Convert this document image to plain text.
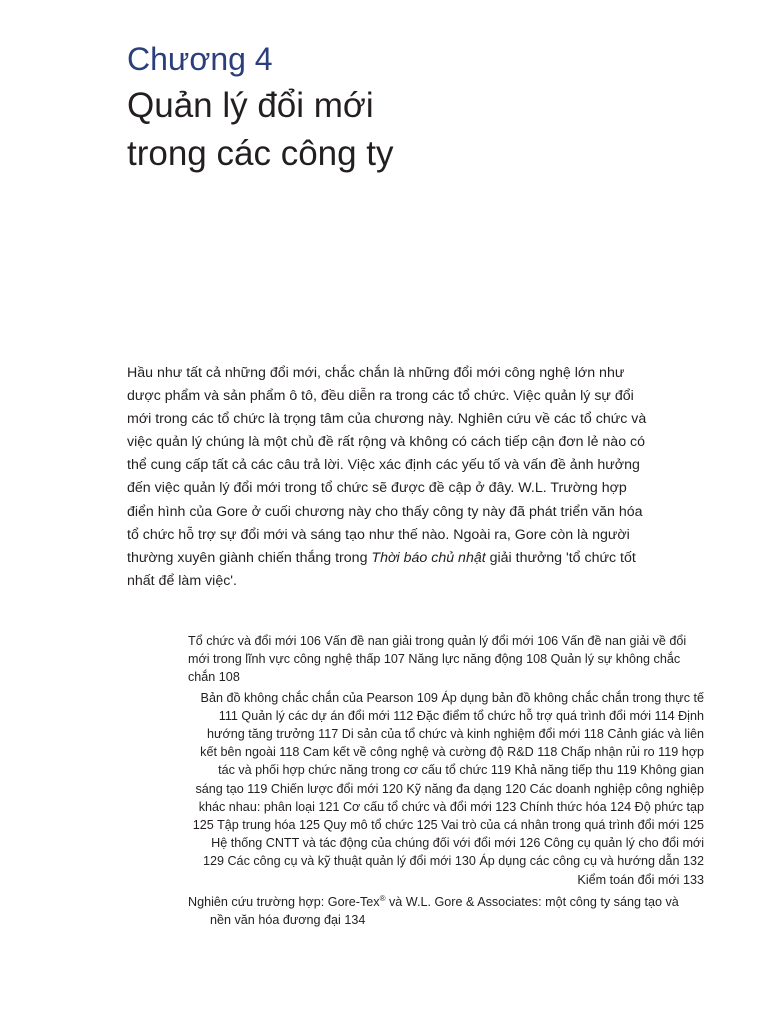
Chương 4
Quản lý đổi mới
trong các công ty

Hầu như tất cả những đổi mới, chắc chắn là những đổi mới công nghệ lớn như dược phẩm và sản phẩm ô tô, đều diễn ra trong các tổ chức. Việc quản lý sự đổi mới trong các tổ chức là trọng tâm của chương này. Nghiên cứu về các tổ chức và việc quản lý chúng là một chủ đề rất rộng và không có cách tiếp cận đơn lẻ nào có thể cung cấp tất cả các câu trả lời. Việc xác định các yếu tố và vấn đề ảnh hưởng đến việc quản lý đổi mới trong tổ chức sẽ được đề cập ở đây. W.L. Trường hợp điển hình của Gore ở cuối chương này cho thấy công ty này đã phát triển văn hóa tổ chức hỗ trợ sự đổi mới và sáng tạo như thế nào. Ngoài ra, Gore còn là người thường xuyên giành chiến thắng trong Thời báo chủ nhật giải thưởng 'tổ chức tốt nhất để làm việc'.

Tổ chức và đổi mới 106 Vấn đề nan giải trong quản lý đổi mới 106 Vấn đề nan giải về đổi mới trong lĩnh vực công nghệ thấp 107 Năng lực năng động 108 Quản lý sự không chắc chắn 108

Bản đồ không chắc chắn của Pearson 109 Áp dụng bản đồ không chắc chắn trong thực tế 111 Quản lý các dự án đổi mới 112 Đặc điểm tổ chức hỗ trợ quá trình đổi mới 114 Định hướng tăng trưởng 117 Di sản của tổ chức và kinh nghiệm đổi mới 118 Cảnh giác và liên kết bên ngoài 118 Cam kết về công nghệ và cường độ R&D 118 Chấp nhận rủi ro 119 hợp tác và phối hợp chức năng trong cơ cấu tổ chức 119 Khả năng tiếp thu 119 Không gian sáng tạo 119 Chiến lược đổi mới 120 Kỹ năng đa dạng 120 Các doanh nghiệp công nghiệp khác nhau: phân loại 121 Cơ cấu tổ chức và đổi mới 123 Chính thức hóa 124 Độ phức tạp 125 Tập trung hóa 125 Quy mô tổ chức 125 Vai trò của cá nhân trong quá trình đổi mới 125 Hệ thống CNTT và tác động của chúng đối với đổi mới 126 Công cụ quản lý cho đổi mới 129 Các công cụ và kỹ thuật quản lý đổi mới 130 Áp dụng các công cụ và hướng dẫn 132 Kiểm toán đổi mới 133

Nghiên cứu trường hợp: Gore-Tex® và W.L. Gore & Associates: một công ty sáng tạo và
nền văn hóa đương đại 134
